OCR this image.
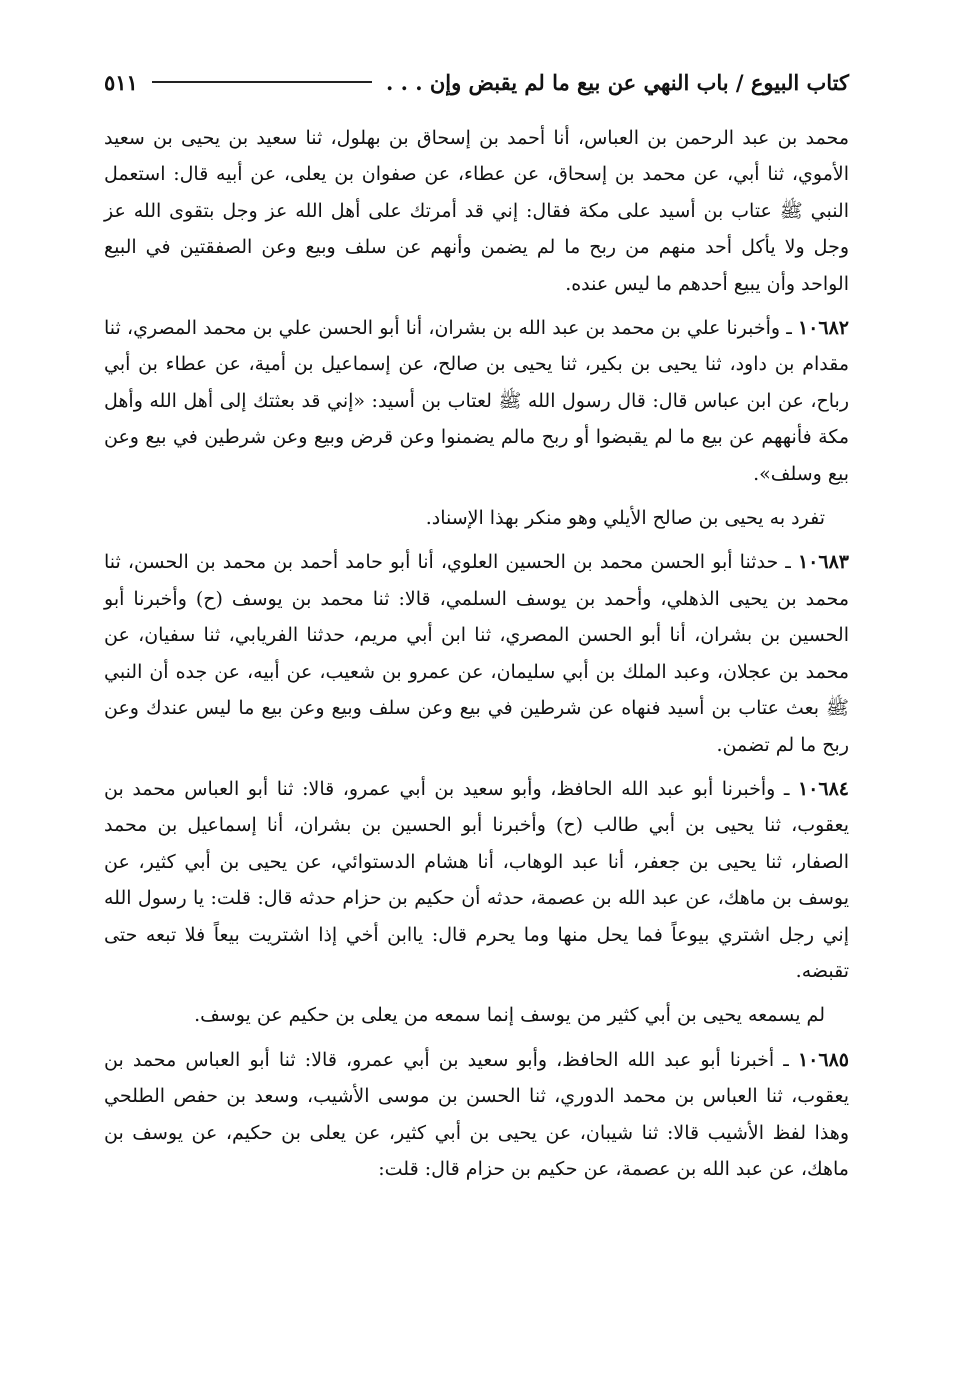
كتاب البيوع / باب النهي عن بيع ما لم يقبض وإن . . .
٥١١

محمد بن عبد الرحمن بن العباس، أنا أحمد بن إسحاق بن بهلول، ثنا سعيد بن يحيى بن سعيد الأموي، ثنا أبي، عن محمد بن إسحاق، عن عطاء، عن صفوان بن يعلى، عن أبيه قال: استعمل النبي ﷺ عتاب بن أسيد على مكة فقال: إني قد أمرتك على أهل الله عز وجل بتقوى الله عز وجل ولا يأكل أحد منهم من ربح ما لم يضمن وأنهم عن سلف وبيع وعن الصفقتين في البيع الواحد وأن يبيع أحدهم ما ليس عنده.

١٠٦٨٢ ـ وأخبرنا علي بن محمد بن عبد الله بن بشران، أنا أبو الحسن علي بن محمد المصري، ثنا مقدام بن داود، ثنا يحيى بن بكير، ثنا يحيى بن صالح، عن إسماعيل بن أمية، عن عطاء بن أبي رباح، عن ابن عباس قال: قال رسول الله ﷺ لعتاب بن أسيد: «إني قد بعثتك إلى أهل الله وأهل مكة فأنههم عن بيع ما لم يقبضوا أو ربح مالم يضمنوا وعن قرض وبيع وعن شرطين في بيع وعن بيع وسلف».

تفرد به يحيى بن صالح الأيلي وهو منكر بهذا الإسناد.

١٠٦٨٣ ـ حدثنا أبو الحسن محمد بن الحسين العلوي، أنا أبو حامد أحمد بن محمد بن الحسن، ثنا محمد بن يحيى الذهلي، وأحمد بن يوسف السلمي، قالا: ثنا محمد بن يوسف (ح) وأخبرنا أبو الحسين بن بشران، أنا أبو الحسن المصري، ثنا ابن أبي مريم، حدثنا الفريابي، ثنا سفيان، عن محمد بن عجلان، وعبد الملك بن أبي سليمان، عن عمرو بن شعيب، عن أبيه، عن جده أن النبي ﷺ بعث عتاب بن أسيد فنهاه عن شرطين في بيع وعن سلف وبيع وعن بيع ما ليس عندك وعن ربح ما لم تضمن.

١٠٦٨٤ ـ وأخبرنا أبو عبد الله الحافظ، وأبو سعيد بن أبي عمرو، قالا: ثنا أبو العباس محمد بن يعقوب، ثنا يحيى بن أبي طالب (ح) وأخبرنا أبو الحسين بن بشران، أنا إسماعيل بن محمد الصفار، ثنا يحيى بن جعفر، أنا عبد الوهاب، أنا هشام الدستوائي، عن يحيى بن أبي كثير، عن يوسف بن ماهك، عن عبد الله بن عصمة، حدثه أن حكيم بن حزام حدثه قال: قلت: يا رسول الله إني رجل اشتري بيوعاً فما يحل منها وما يحرم قال: ياابن أخي إذا اشتريت بيعاً فلا تبعه حتى تقبضه.

لم يسمعه يحيى بن أبي كثير من يوسف إنما سمعه من يعلى بن حكيم عن يوسف.

١٠٦٨٥ ـ أخبرنا أبو عبد الله الحافظ، وأبو سعيد بن أبي عمرو، قالا: ثنا أبو العباس محمد بن يعقوب، ثنا العباس بن محمد الدوري، ثنا الحسن بن موسى الأشيب، وسعد بن حفص الطلحي وهذا لفظ الأشيب قالا: ثنا شيبان، عن يحيى بن أبي كثير، عن يعلى بن حكيم، عن يوسف بن ماهك، عن عبد الله بن عصمة، عن حكيم بن حزام قال: قلت:
